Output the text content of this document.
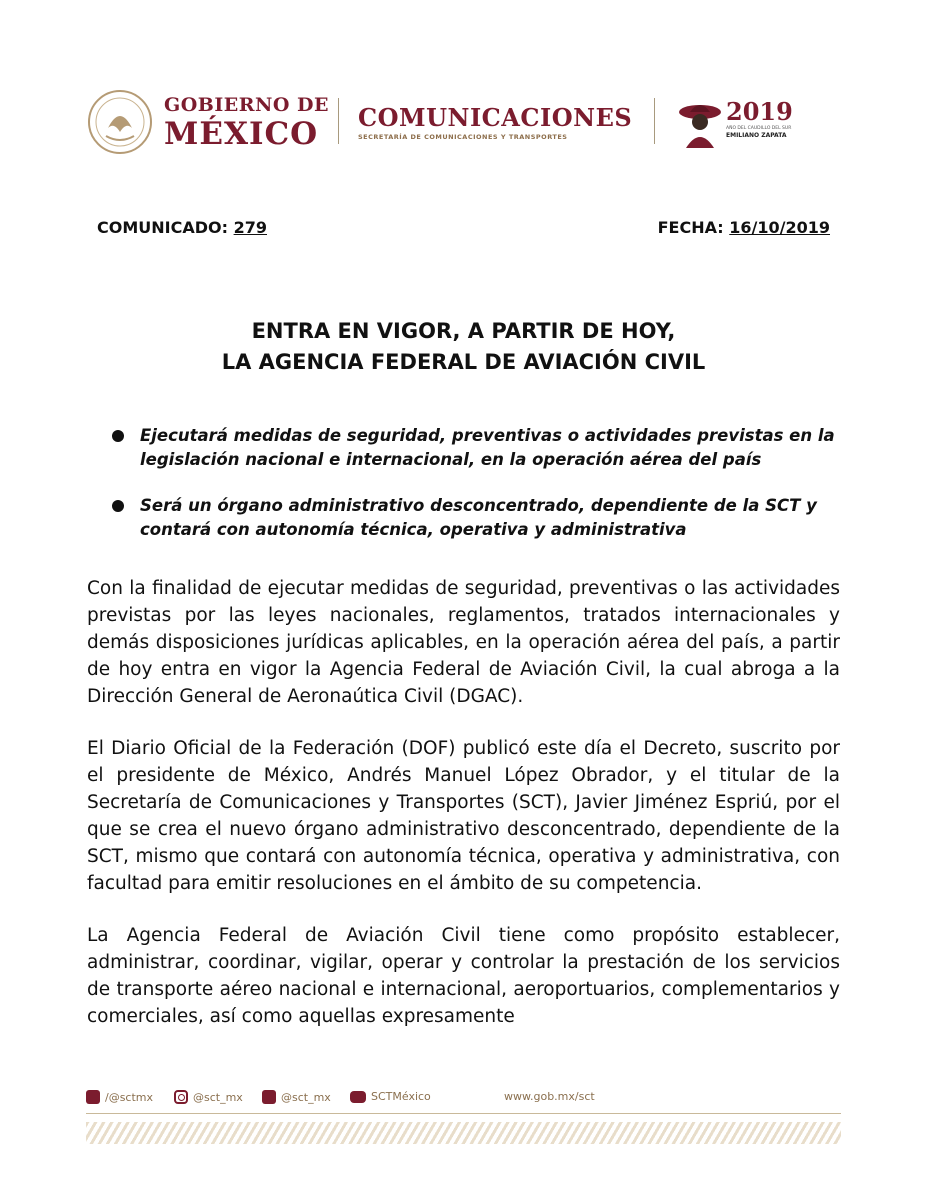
GOBIERNO DE
MÉXICO	COMUNICACIONES
SECRETARÍA DE COMUNICACIONES Y TRANSPORTES
2019
AÑO DEL CAUDILLO DEL SUR
EMILIANO ZAPATA
COMUNICADO: 279	FECHA: 16/10/2019
ENTRA EN VIGOR, A PARTIR DE HOY,
LA AGENCIA FEDERAL DE AVIACIÓN CIVIL
Ejecutará medidas de seguridad, preventivas o actividades previstas en la legislación nacional e internacional, en la operación aérea del país
Será un órgano administrativo desconcentrado, dependiente de la SCT y contará con autonomía técnica, operativa y administrativa

Con la finalidad de ejecutar medidas de seguridad, preventivas o las actividades previstas por las leyes nacionales, reglamentos, tratados internacionales y demás disposiciones jurídicas aplicables, en la operación aérea del país, a partir de hoy entra en vigor la Agencia Federal de Aviación Civil, la cual abroga a la Dirección General de Aeronaútica Civil (DGAC).

El Diario Oficial de la Federación (DOF) publicó este día el Decreto, suscrito por el presidente de México, Andrés Manuel López Obrador, y el titular de la Secretaría de Comunicaciones y Transportes (SCT), Javier Jiménez Espriú, por el que se crea el nuevo órgano administrativo desconcentrado, dependiente de la SCT, mismo que contará con autonomía técnica, operativa y administrativa, con facultad para emitir resoluciones en el ámbito de su competencia.

La Agencia Federal de Aviación Civil tiene como propósito establecer, administrar, coordinar, vigilar, operar y controlar la prestación de los servicios de transporte aéreo nacional e internacional, aeroportuarios, complementarios y comerciales, así como aquellas expresamente

/@sctmx	@sct_mx	@sct_mx	SCTMéxico	www.gob.mx/sct
